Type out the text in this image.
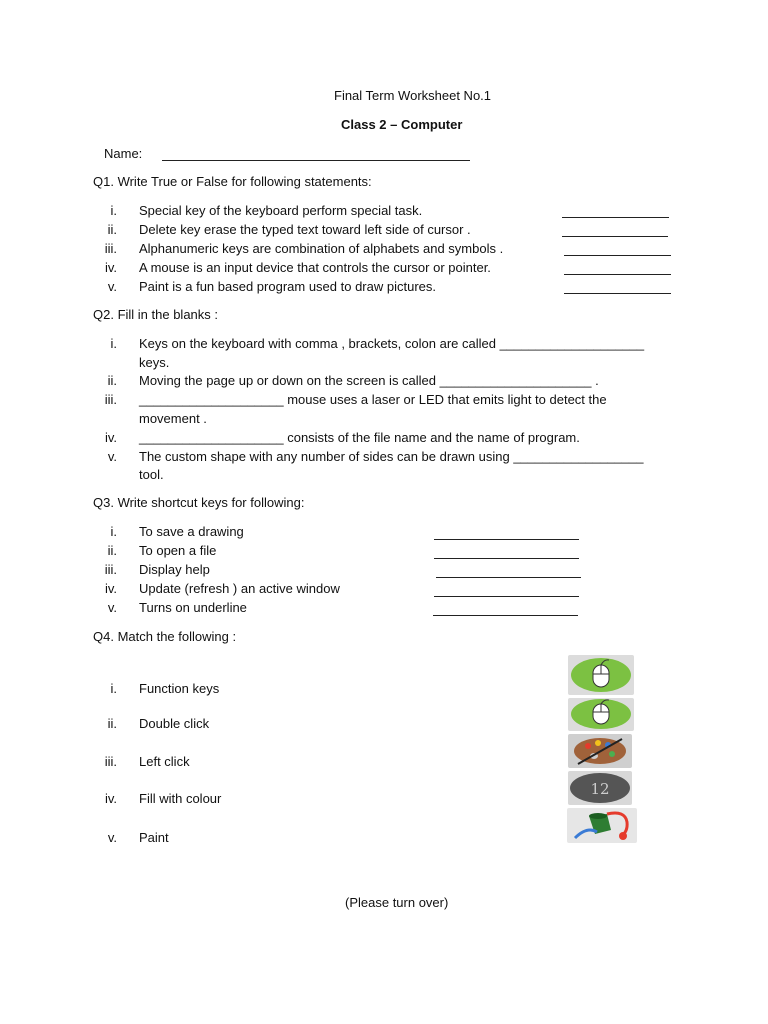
Final Term Worksheet No.1
Class 2 – Computer
Name:
Q1. Write True or False for following statements:
i. Special key of the keyboard perform special task.
ii. Delete key erase the typed text toward left side of cursor .
iii. Alphanumeric keys are combination of alphabets and symbols .
iv. A mouse is an input device that controls the cursor or pointer.
v. Paint is a fun based program used to draw pictures.
Q2. Fill in the blanks :
i. Keys on the keyboard with comma , brackets, colon are called ____________________
keys.
ii. Moving the page up or down on the screen is called _____________________ .
iii. ____________________ mouse uses a laser or LED that emits light to detect the
movement .
iv. ____________________ consists of the file name and the name of program.
v. The custom shape with any number of sides can be drawn using __________________
tool.
Q3. Write shortcut keys for following:
i. To save a drawing
ii. To open a file
iii. Display help
iv. Update (refresh ) an active window
v. Turns on underline
Q4. Match the following :
i. Function keys
ii. Double click
iii. Left click
iv. Fill with colour
v. Paint
12
(Please turn over)
